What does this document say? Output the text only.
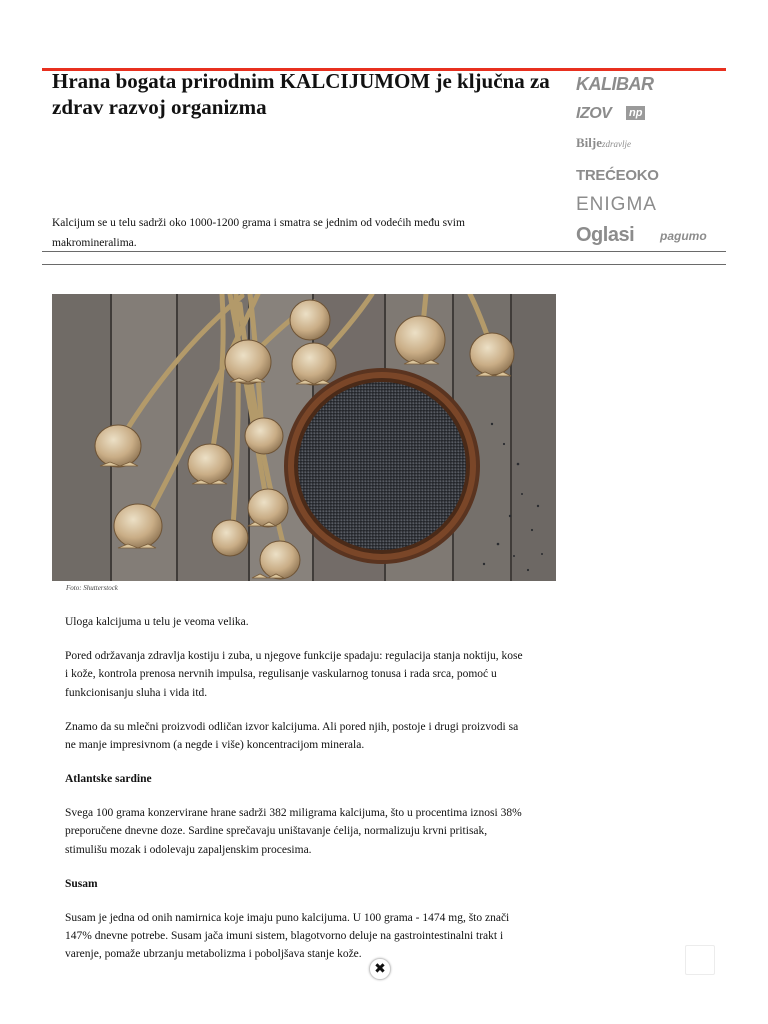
Hrana bogata prirodnim KALCIJUMOM je ključna za zdrav razvoj organizma

Kalcijum se u telu sadrži oko 1000-1200 grama i smatra se jednim od vodećih među svim makromineralima.

KALIBAR
IZOV np
Biljezdravlje
TREĆEOKO
ENIGMA
Oglasi pagumo
Foto: Shutterstock

Uloga kalcijuma u telu je veoma velika.

Pored održavanja zdravlja kostiju i zuba, u njegove funkcije spadaju: regulacija stanja noktiju, kose i kože, kontrola prenosa nervnih impulsa, regulisanje vaskularnog tonusa i rada srca, pomoć u funkcionisanju sluha i vida itd.

Znamo da su mlečni proizvodi odličan izvor kalcijuma. Ali pored njih, postoje i drugi proizvodi sa ne manje impresivnom (a negde i više) koncentracijom minerala.

Atlantske sardine

Svega 100 grama konzervirane hrane sadrži 382 miligrama kalcijuma, što u procentima iznosi 38% preporučene dnevne doze. Sardine sprečavaju uništavanje ćelija, normalizuju krvni pritisak, stimulišu mozak i odolevaju zapaljenskim procesima.

Susam

Susam je jedna od onih namirnica koje imaju puno kalcijuma. U 100 grama - 1474 mg, što znači 147% dnevne potrebe. Susam jača imuni sistem, blagotvorno deluje na gastrointestinalni trakt i varenje, pomaže ubrzanju metabolizma i poboljšava stanje kože.

✖
